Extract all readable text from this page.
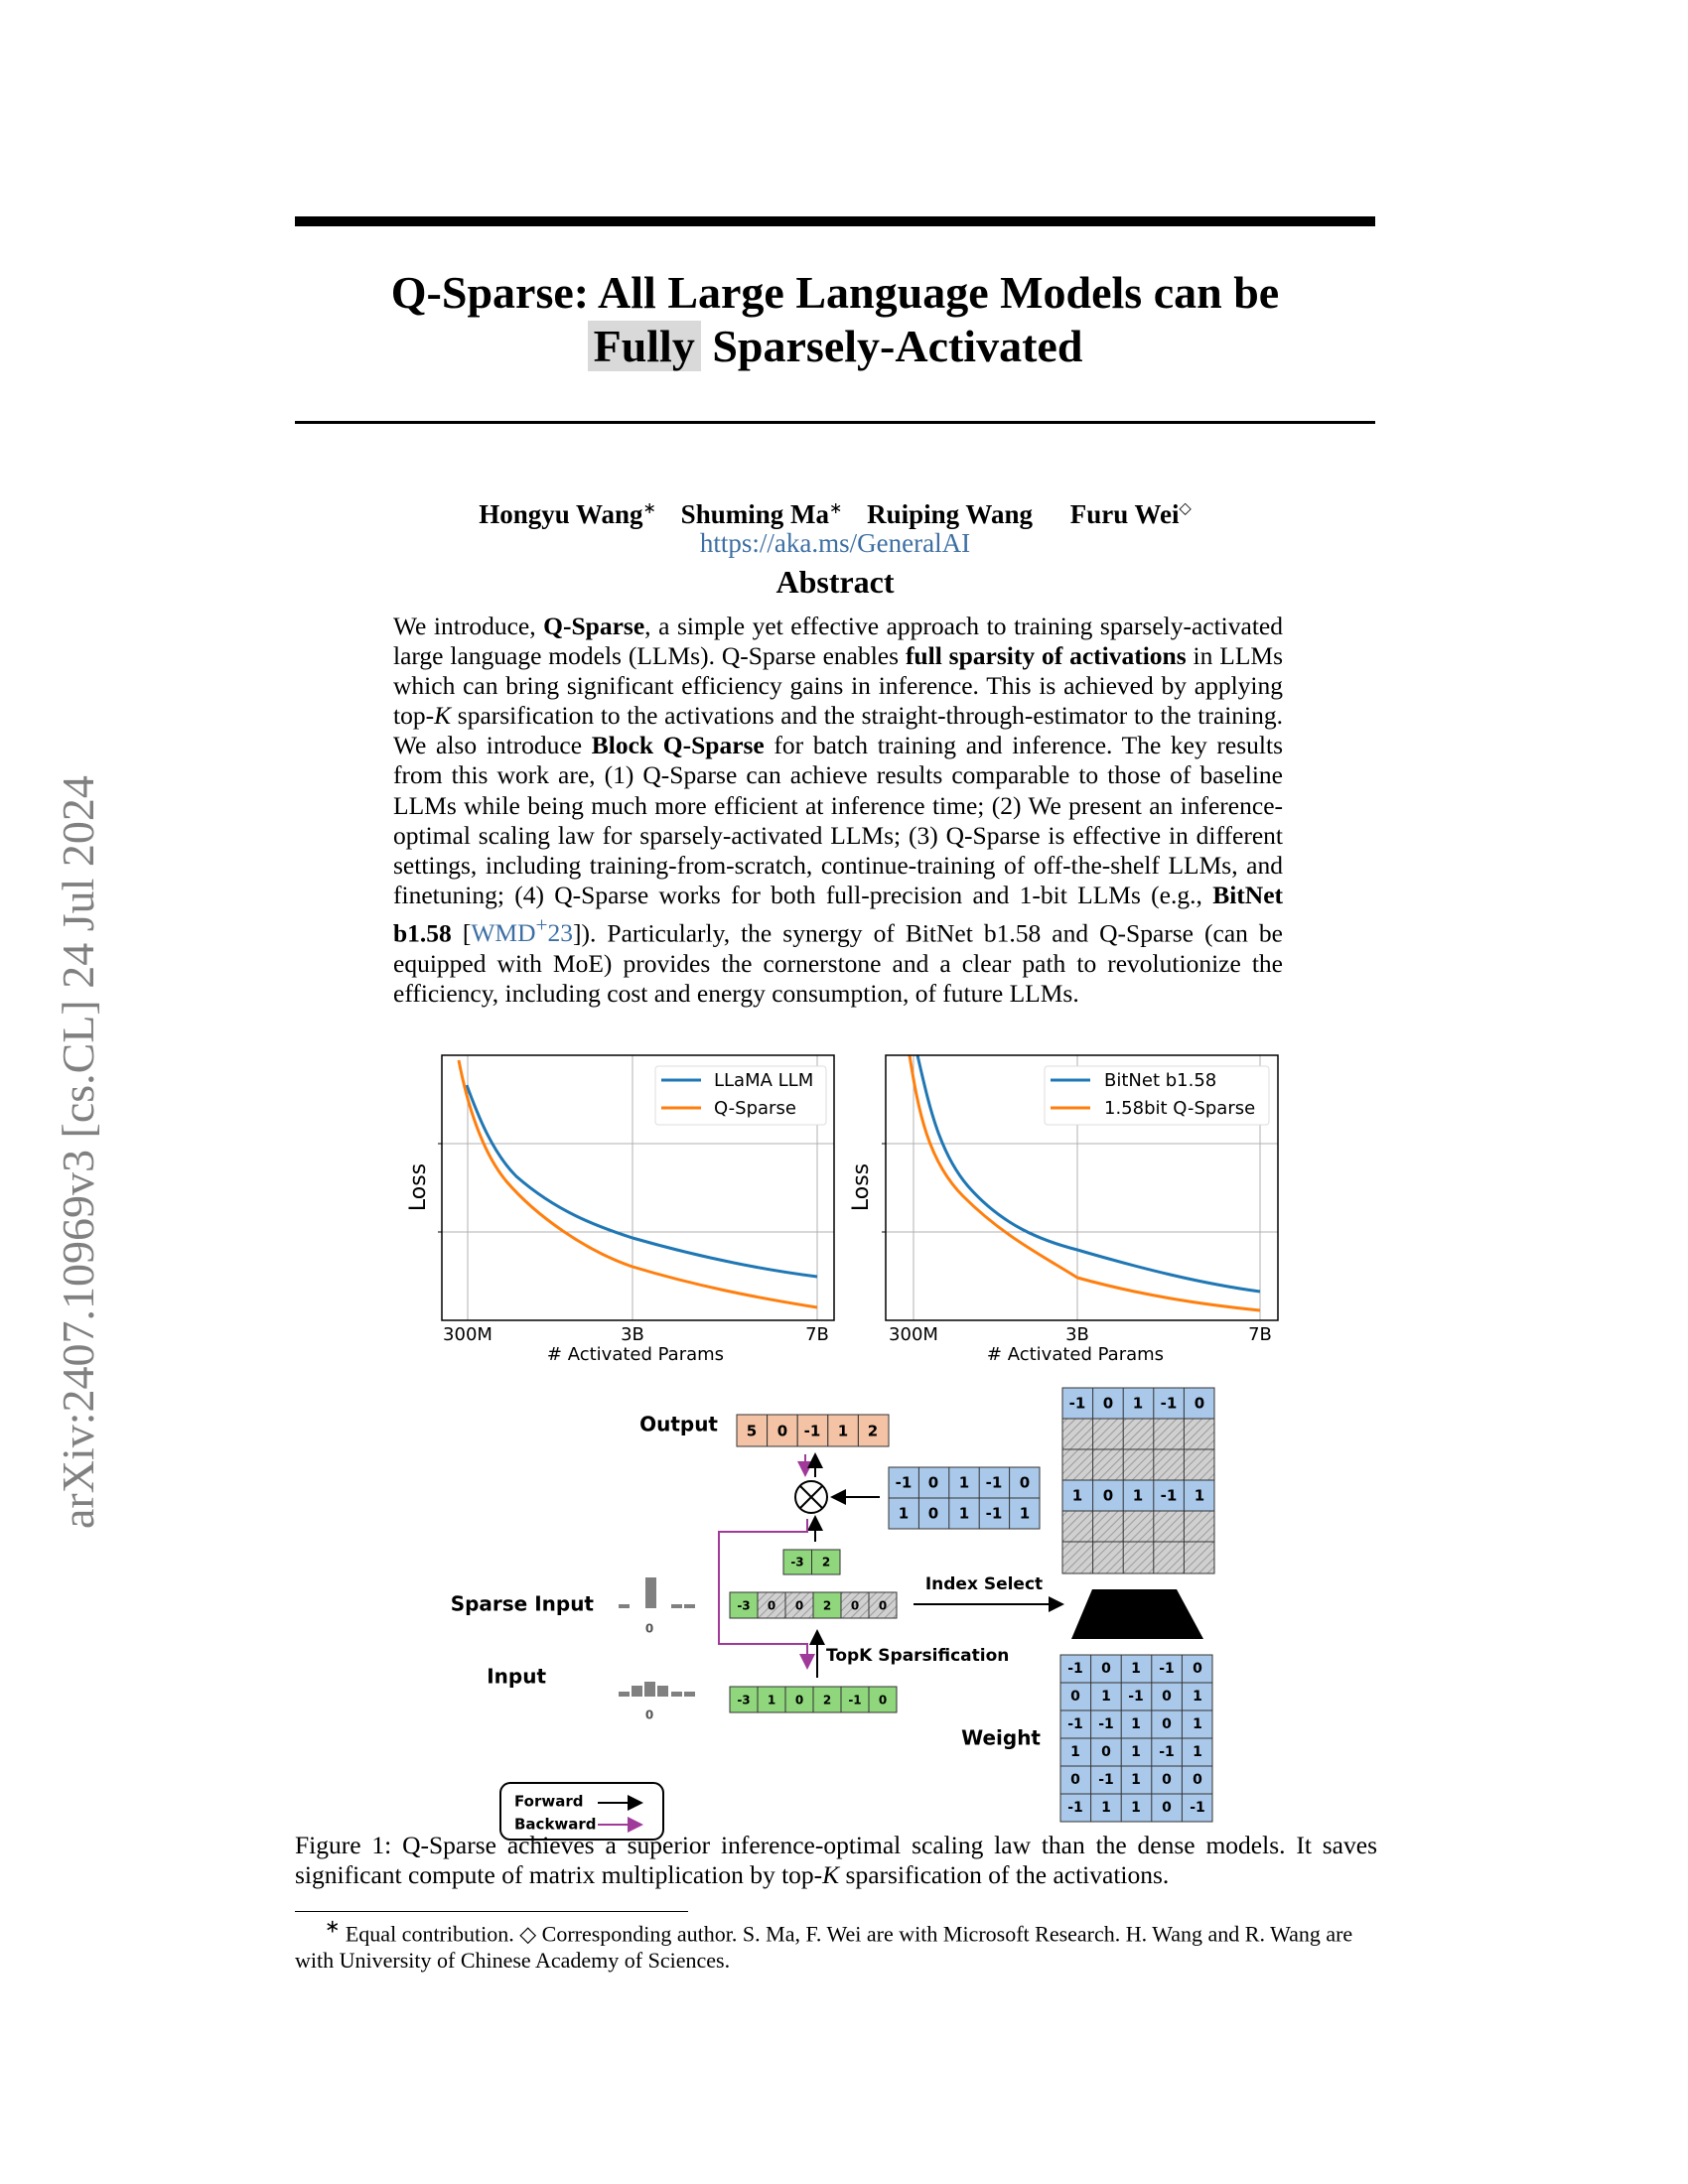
arXiv:2407.10969v3 [cs.CL] 24 Jul 2024
Q-Sparse: All Large Language Models can be
Fully Sparsely-Activated
Hongyu Wang∗ Shuming Ma∗ Ruiping Wang Furu Wei◇
https://aka.ms/GeneralAI
Abstract
We introduce, Q-Sparse, a simple yet effective approach to training sparsely-activated large language models (LLMs). Q-Sparse enables full sparsity of activations in LLMs which can bring significant efficiency gains in inference. This is achieved by applying top-K sparsification to the activations and the straight-through-estimator to the training. We also introduce Block Q-Sparse for batch training and inference. The key results from this work are, (1) Q-Sparse can achieve results comparable to those of baseline LLMs while being much more efficient at inference time; (2) We present an inference-optimal scaling law for sparsely-activated LLMs; (3) Q-Sparse is effective in different settings, including training-from-scratch, continue-training of off-the-shelf LLMs, and finetuning; (4) Q-Sparse works for both full-precision and 1-bit LLMs (e.g., BitNet b1.58 [WMD+23]). Particularly, the synergy of BitNet b1.58 and Q-Sparse (can be equipped with MoE) provides the cornerstone and a clear path to revolutionize the efficiency, including cost and energy consumption, of future LLMs.
LLaMA LLM
Q-Sparse
300M	3B	7B
# Activated Params
Loss
BitNet b1.58
1.58bit Q-Sparse
300M	3B	7B
# Activated Params
Loss
Output 5 0 -1 1 2
-1 0 1 -1 0
1 0 1 -1 1
-3 2
Sparse Input
0
-3 0 0 2 0 0
Index Select
TopK Sparsification
Input
0
-3 1 0 2 -1 0
-1 0 1 -1 0
1 0 1 -1 1
Weight
-1 0 1 -1 0
0 1 -1 0 1
-1 -1 1 0 1
1 0 1 -1 1
0 -1 1 0 0
-1 1 1 0 -1
Forward
Backward
Figure 1: Q-Sparse achieves a superior inference-optimal scaling law than the dense models. It saves significant compute of matrix multiplication by top-K sparsification of the activations.
∗ Equal contribution. ◇ Corresponding author. S. Ma, F. Wei are with Microsoft Research. H. Wang and R. Wang are with University of Chinese Academy of Sciences.
